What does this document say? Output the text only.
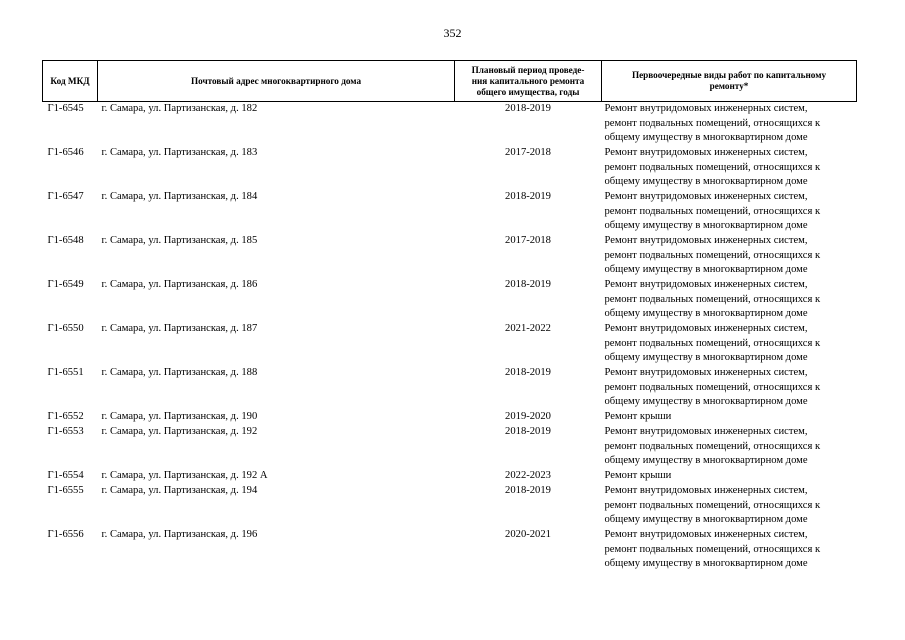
352
Код МКД	Почтовый адрес многоквартирного дома	Плановый период проведе-
ния капитального ремонта
общего имущества, годы	Первоочередные виды работ по капитальному
ремонту*
Г1-6545	г. Самара, ул. Партизанская, д. 182	2018-2019	Ремонт внутридомовых инженерных систем,
ремонт подвальных помещений, относящихся к
общему имуществу в многоквартирном доме

Г1-6546	г. Самара, ул. Партизанская, д. 183	2017-2018	Ремонт внутридомовых инженерных систем,
ремонт подвальных помещений, относящихся к
общему имуществу в многоквартирном доме

Г1-6547	г. Самара, ул. Партизанская, д. 184	2018-2019	Ремонт внутридомовых инженерных систем,
ремонт подвальных помещений, относящихся к
общему имуществу в многоквартирном доме

Г1-6548	г. Самара, ул. Партизанская, д. 185	2017-2018	Ремонт внутридомовых инженерных систем,
ремонт подвальных помещений, относящихся к
общему имуществу в многоквартирном доме

Г1-6549	г. Самара, ул. Партизанская, д. 186	2018-2019	Ремонт внутридомовых инженерных систем,
ремонт подвальных помещений, относящихся к
общему имуществу в многоквартирном доме

Г1-6550	г. Самара, ул. Партизанская, д. 187	2021-2022	Ремонт внутридомовых инженерных систем,
ремонт подвальных помещений, относящихся к
общему имуществу в многоквартирном доме

Г1-6551	г. Самара, ул. Партизанская, д. 188	2018-2019	Ремонт внутридомовых инженерных систем,
ремонт подвальных помещений, относящихся к
общему имуществу в многоквартирном доме

Г1-6552	г. Самара, ул. Партизанская, д. 190	2019-2020	Ремонт крыши

Г1-6553	г. Самара, ул. Партизанская, д. 192	2018-2019	Ремонт внутридомовых инженерных систем,
ремонт подвальных помещений, относящихся к
общему имуществу в многоквартирном доме

Г1-6554	г. Самара, ул. Партизанская, д. 192 А	2022-2023	Ремонт крыши

Г1-6555	г. Самара, ул. Партизанская, д. 194	2018-2019	Ремонт внутридомовых инженерных систем,
ремонт подвальных помещений, относящихся к
общему имуществу в многоквартирном доме

Г1-6556	г. Самара, ул. Партизанская, д. 196	2020-2021	Ремонт внутридомовых инженерных систем,
ремонт подвальных помещений, относящихся к
общему имуществу в многоквартирном доме
